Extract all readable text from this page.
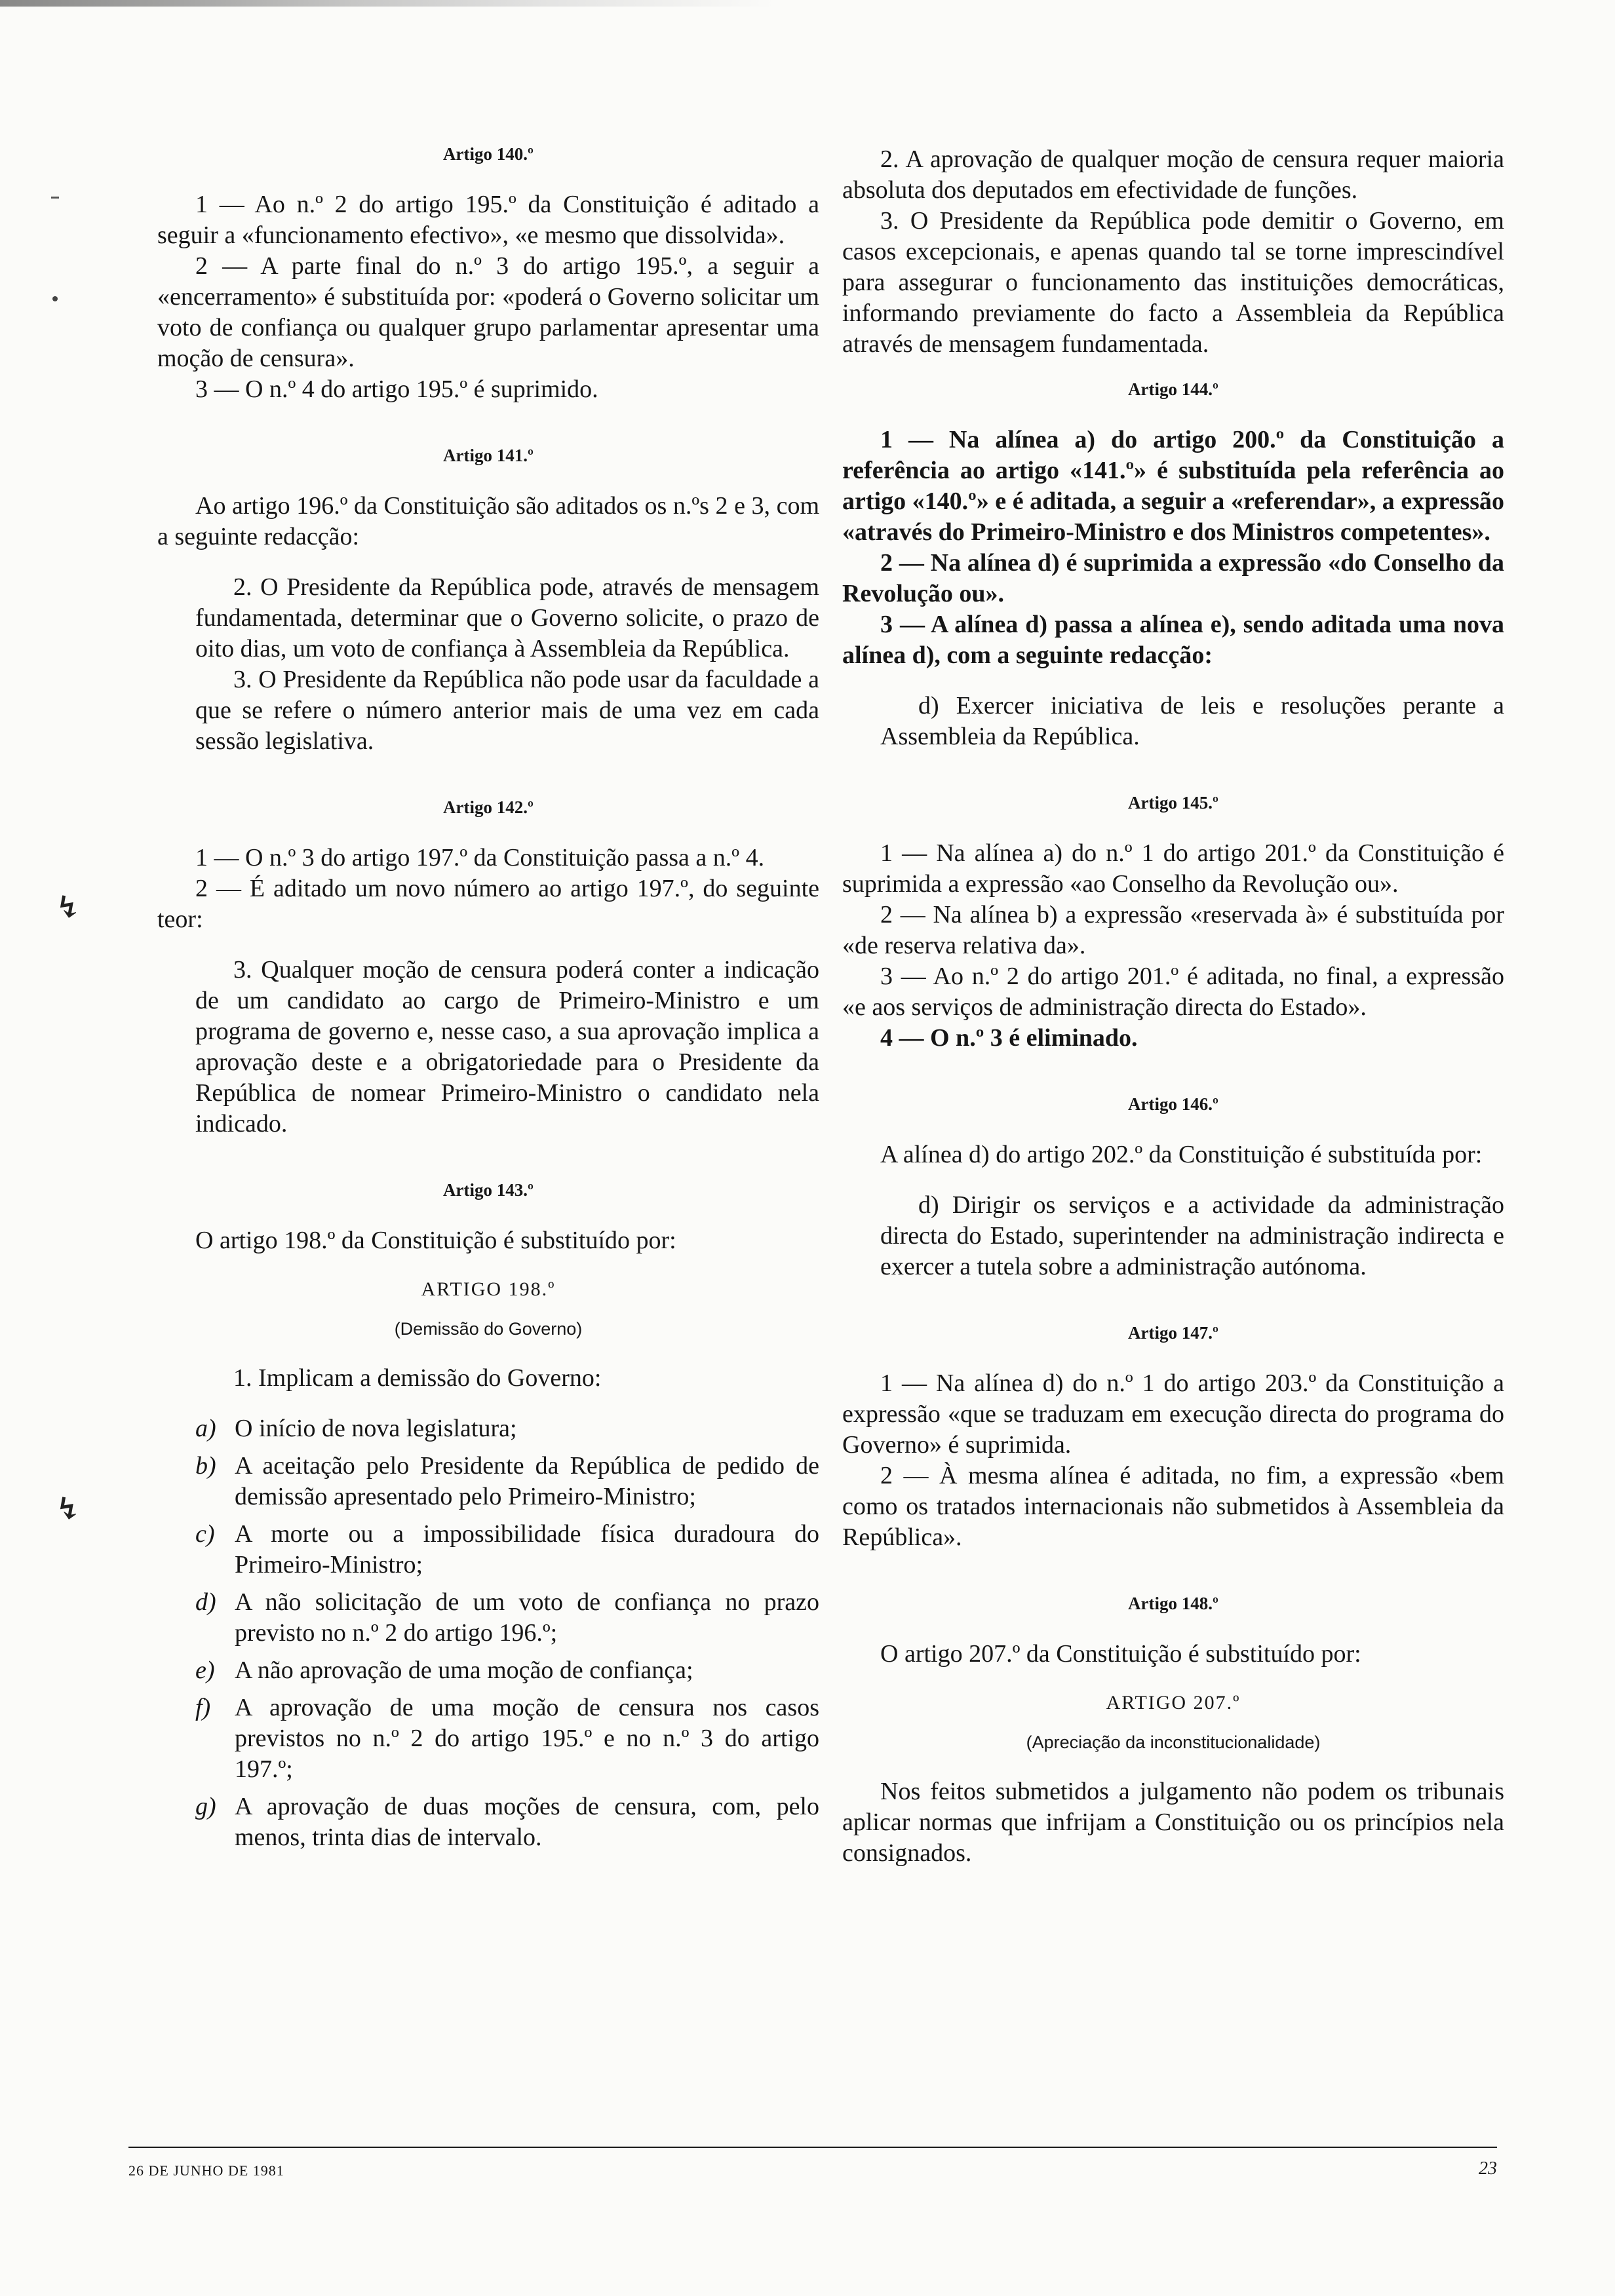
↯
↯
Artigo 140.º

1 — Ao n.º 2 do artigo 195.º da Constituição é aditado a seguir a «funcionamento efectivo», «e mesmo que dissolvida».

2 — A parte final do n.º 3 do artigo 195.º, a seguir a «encerramento» é substituída por: «poderá o Governo solicitar um voto de confiança ou qualquer grupo parlamentar apresentar uma moção de censura».

3 — O n.º 4 do artigo 195.º é suprimido.

Artigo 141.º

Ao artigo 196.º da Constituição são aditados os n.ºs 2 e 3, com a seguinte redacção:

2. O Presidente da República pode, através de mensagem fundamentada, determinar que o Governo solicite, o prazo de oito dias, um voto de confiança à Assembleia da República.

3. O Presidente da República não pode usar da faculdade a que se refere o número anterior mais de uma vez em cada sessão legislativa.

Artigo 142.º

1 — O n.º 3 do artigo 197.º da Constituição passa a n.º 4.

2 — É aditado um novo número ao artigo 197.º, do seguinte teor:

3. Qualquer moção de censura poderá conter a indicação de um candidato ao cargo de Primeiro-Ministro e um programa de governo e, nesse caso, a sua aprovação implica a aprovação deste e a obrigatoriedade para o Presidente da República de nomear Primeiro-Ministro o candidato nela indicado.

Artigo 143.º

O artigo 198.º da Constituição é substituído por:

ARTIGO 198.º
(Demissão do Governo)

1. Implicam a demissão do Governo:

a) O início de nova legislatura;
b) A aceitação pelo Presidente da República de pedido de demissão apresentado pelo Primeiro-Ministro;
c) A morte ou a impossibilidade física duradoura do Primeiro-Ministro;
d) A não solicitação de um voto de confiança no prazo previsto no n.º 2 do artigo 196.º;
e) A não aprovação de uma moção de confiança;
f) A aprovação de uma moção de censura nos casos previstos no n.º 2 do artigo 195.º e no n.º 3 do artigo 197.º;
g) A aprovação de duas moções de censura, com, pelo menos, trinta dias de intervalo.

2. A aprovação de qualquer moção de censura requer maioria absoluta dos deputados em efectividade de funções.

3. O Presidente da República pode demitir o Governo, em casos excepcionais, e apenas quando tal se torne imprescindível para assegurar o funcionamento das instituições democráticas, informando previamente do facto a Assembleia da República através de mensagem fundamentada.

Artigo 144.º

1 — Na alínea a) do artigo 200.º da Constituição a referência ao artigo «141.º» é substituída pela referência ao artigo «140.º» e é aditada, a seguir a «referendar», a expressão «através do Primeiro-Ministro e dos Ministros competentes».

2 — Na alínea d) é suprimida a expressão «do Conselho da Revolução ou».

3 — A alínea d) passa a alínea e), sendo aditada uma nova alínea d), com a seguinte redacção:

d) Exercer iniciativa de leis e resoluções perante a Assembleia da República.

Artigo 145.º

1 — Na alínea a) do n.º 1 do artigo 201.º da Constituição é suprimida a expressão «ao Conselho da Revolução ou».

2 — Na alínea b) a expressão «reservada à» é substituída por «de reserva relativa da».

3 — Ao n.º 2 do artigo 201.º é aditada, no final, a expressão «e aos serviços de administração directa do Estado».

4 — O n.º 3 é eliminado.

Artigo 146.º

A alínea d) do artigo 202.º da Constituição é substituída por:

d) Dirigir os serviços e a actividade da administração directa do Estado, superintender na administração indirecta e exercer a tutela sobre a administração autónoma.

Artigo 147.º

1 — Na alínea d) do n.º 1 do artigo 203.º da Constituição a expressão «que se traduzam em execução directa do programa do Governo» é suprimida.

2 — À mesma alínea é aditada, no fim, a expressão «bem como os tratados internacionais não submetidos à Assembleia da República».

Artigo 148.º

O artigo 207.º da Constituição é substituído por:

ARTIGO 207.º
(Apreciação da inconstitucionalidade)

Nos feitos submetidos a julgamento não podem os tribunais aplicar normas que infrijam a Constituição ou os princípios nela consignados.

26 DE JUNHO DE 1981	23
